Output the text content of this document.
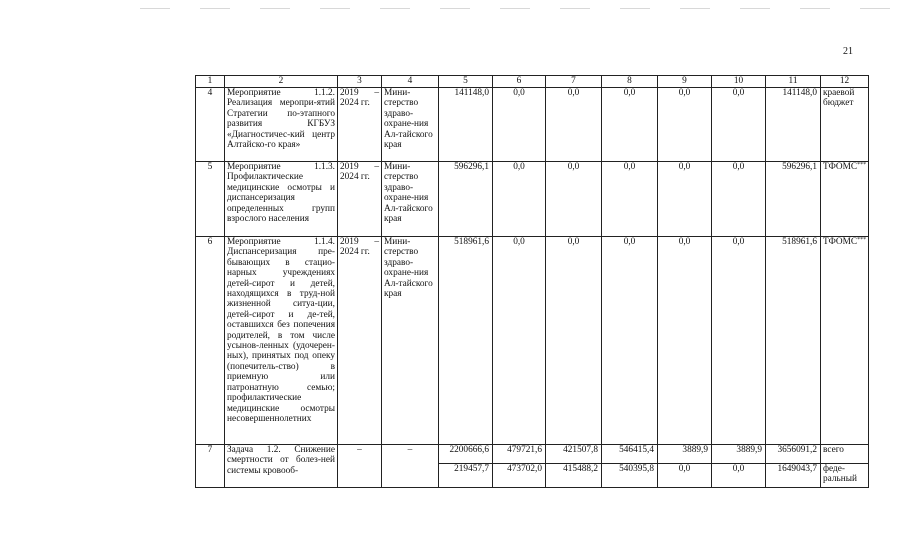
21
1	2	3	4	5	6	7	8	9	10	11	12
4	Мероприятие 1.1.2. Реализация меропри-ятий Стратегии по-этапного развития КГБУЗ «Диагностичес-кий центр Алтайско-го края»	2019 – 2024 гг.	Мини-стерство здраво-охране-ния Ал-тайского края	141148,0	0,0	0,0	0,0	0,0	0,0	141148,0	краевой бюджет
5	Мероприятие 1.1.3. Профилактические медицинские осмотры и диспансеризация определенных групп взрослого населения	2019 – 2024 гг.	Мини-стерство здраво-охране-ния Ал-тайского края	596296,1	0,0	0,0	0,0	0,0	0,0	596296,1	ТФОМС***
6	Мероприятие 1.1.4. Диспансеризация пре-бывающих в стацио-нарных учреждениях детей-сирот и детей, находящихся в труд-ной жизненной ситуа-ции, детей-сирот и де-тей, оставшихся без попечения родителей, в том числе усынов-ленных (удочерен-ных), принятых под опеку (попечитель-ство) в приемную или патронатную семью; профилактические медицинские осмотры несовершеннолетних	2019 – 2024 гг.	Мини-стерство здраво-охране-ния Ал-тайского края	518961,6	0,0	0,0	0,0	0,0	0,0	518961,6	ТФОМС***
7	Задача 1.2. Снижение смертности от болез-ней системы кровооб-	–	–	2200666,6	479721,6	421507,8	546415,4	3889,9	3889,9	3656091,2	всего
				219457,7	473702,0	415488,2	540395,8	0,0	0,0	1649043,7	феде-ральный
